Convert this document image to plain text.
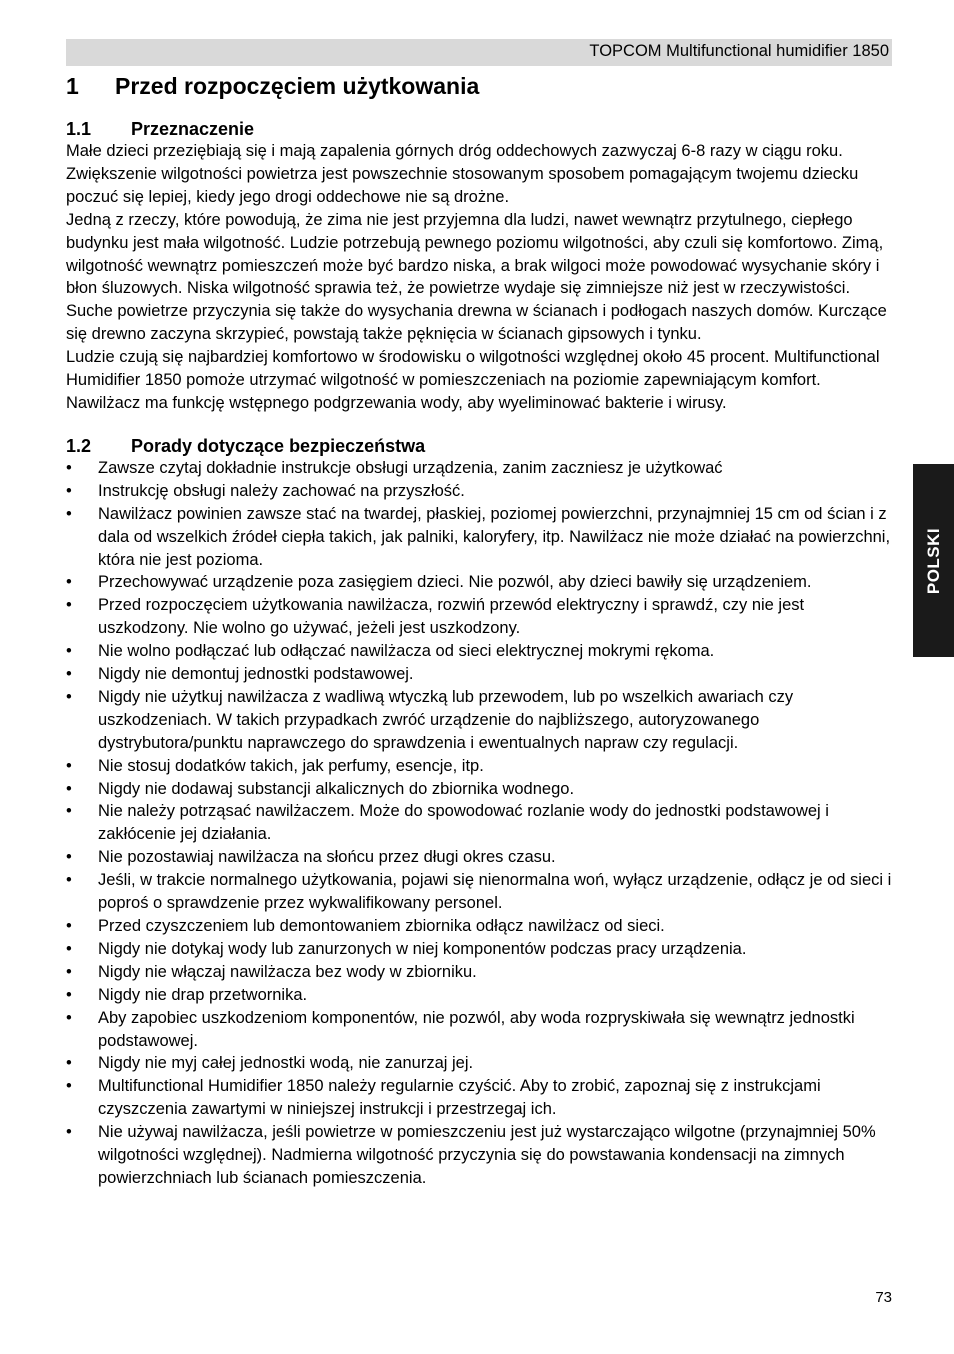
TOPCOM Multifunctional humidifier 1850
POLSKI
1 Przed rozpoczęciem użytkowania
1.1 Przeznaczenie

Małe dzieci przeziębiają się i mają zapalenia górnych dróg oddechowych zazwyczaj 6-8 razy w ciągu roku. Zwiększenie wilgotności powietrza jest powszechnie stosowanym sposobem pomagającym twojemu dziecku poczuć się lepiej, kiedy jego drogi oddechowe nie są drożne.

Jedną z rzeczy, które powodują, że zima nie jest przyjemna dla ludzi, nawet wewnątrz przytulnego, ciepłego budynku jest mała wilgotność. Ludzie potrzebują pewnego poziomu wilgotności, aby czuli się komfortowo. Zimą, wilgotność wewnątrz pomieszczeń może być bardzo niska, a brak wilgoci może powodować wysychanie skóry i błon śluzowych. Niska wilgotność sprawia też, że powietrze wydaje się zimniejsze niż jest w rzeczywistości. Suche powietrze przyczynia się także do wysychania drewna w ścianach i podłogach naszych domów. Kurczące się drewno zaczyna skrzypieć, powstają także pęknięcia w ścianach gipsowych i tynku.

Ludzie czują się najbardziej komfortowo w środowisku o wilgotności względnej około 45 procent. Multifunctional Humidifier 1850 pomoże utrzymać wilgotność w pomieszczeniach na poziomie zapewniającym komfort.

Nawilżacz ma funkcję wstępnego podgrzewania wody, aby wyeliminować bakterie i wirusy.

1.2 Porady dotyczące bezpieczeństwa
• Zawsze czytaj dokładnie instrukcje obsługi urządzenia, zanim zaczniesz je użytkować
• Instrukcję obsługi należy zachować na przyszłość.
• Nawilżacz powinien zawsze stać na twardej, płaskiej, poziomej powierzchni, przynajmniej 15 cm od ścian i z dala od wszelkich źródeł ciepła takich, jak palniki, kaloryfery, itp. Nawilżacz nie może działać na powierzchni, która nie jest pozioma.
• Przechowywać urządzenie poza zasięgiem dzieci. Nie pozwól, aby dzieci bawiły się urządzeniem.
• Przed rozpoczęciem użytkowania nawilżacza, rozwiń przewód elektryczny i sprawdź, czy nie jest uszkodzony. Nie wolno go używać, jeżeli jest uszkodzony.
• Nie wolno podłączać lub odłączać nawilżacza od sieci elektrycznej mokrymi rękoma.
• Nigdy nie demontuj jednostki podstawowej.
• Nigdy nie użytkuj nawilżacza z wadliwą wtyczką lub przewodem, lub po wszelkich awariach czy uszkodzeniach. W takich przypadkach zwróć urządzenie do najbliższego, autoryzowanego dystrybutora/punktu naprawczego do sprawdzenia i ewentualnych napraw czy regulacji.
• Nie stosuj dodatków takich, jak perfumy, esencje, itp.
• Nigdy nie dodawaj substancji alkalicznych do zbiornika wodnego.
• Nie należy potrząsać nawilżaczem. Może do spowodować rozlanie wody do jednostki podstawowej i zakłócenie jej działania.
• Nie pozostawiaj nawilżacza na słońcu przez długi okres czasu.
• Jeśli, w trakcie normalnego użytkowania, pojawi się nienormalna woń, wyłącz urządzenie, odłącz je od sieci i poproś o sprawdzenie przez wykwalifikowany personel.
• Przed czyszczeniem lub demontowaniem zbiornika odłącz nawilżacz od sieci.
• Nigdy nie dotykaj wody lub zanurzonych w niej komponentów podczas pracy urządzenia.
• Nigdy nie włączaj nawilżacza bez wody w zbiorniku.
• Nigdy nie drap przetwornika.
• Aby zapobiec uszkodzeniom komponentów, nie pozwól, aby woda rozpryskiwała się wewnątrz jednostki podstawowej.
• Nigdy nie myj całej jednostki wodą, nie zanurzaj jej.
• Multifunctional Humidifier 1850 należy regularnie czyścić. Aby to zrobić, zapoznaj się z instrukcjami czyszczenia zawartymi w niniejszej instrukcji i przestrzegaj ich.
• Nie używaj nawilżacza, jeśli powietrze w pomieszczeniu jest już wystarczająco wilgotne (przynajmniej 50% wilgotności względnej). Nadmierna wilgotność przyczynia się do powstawania kondensacji na zimnych powierzchniach lub ścianach pomieszczenia.
73
